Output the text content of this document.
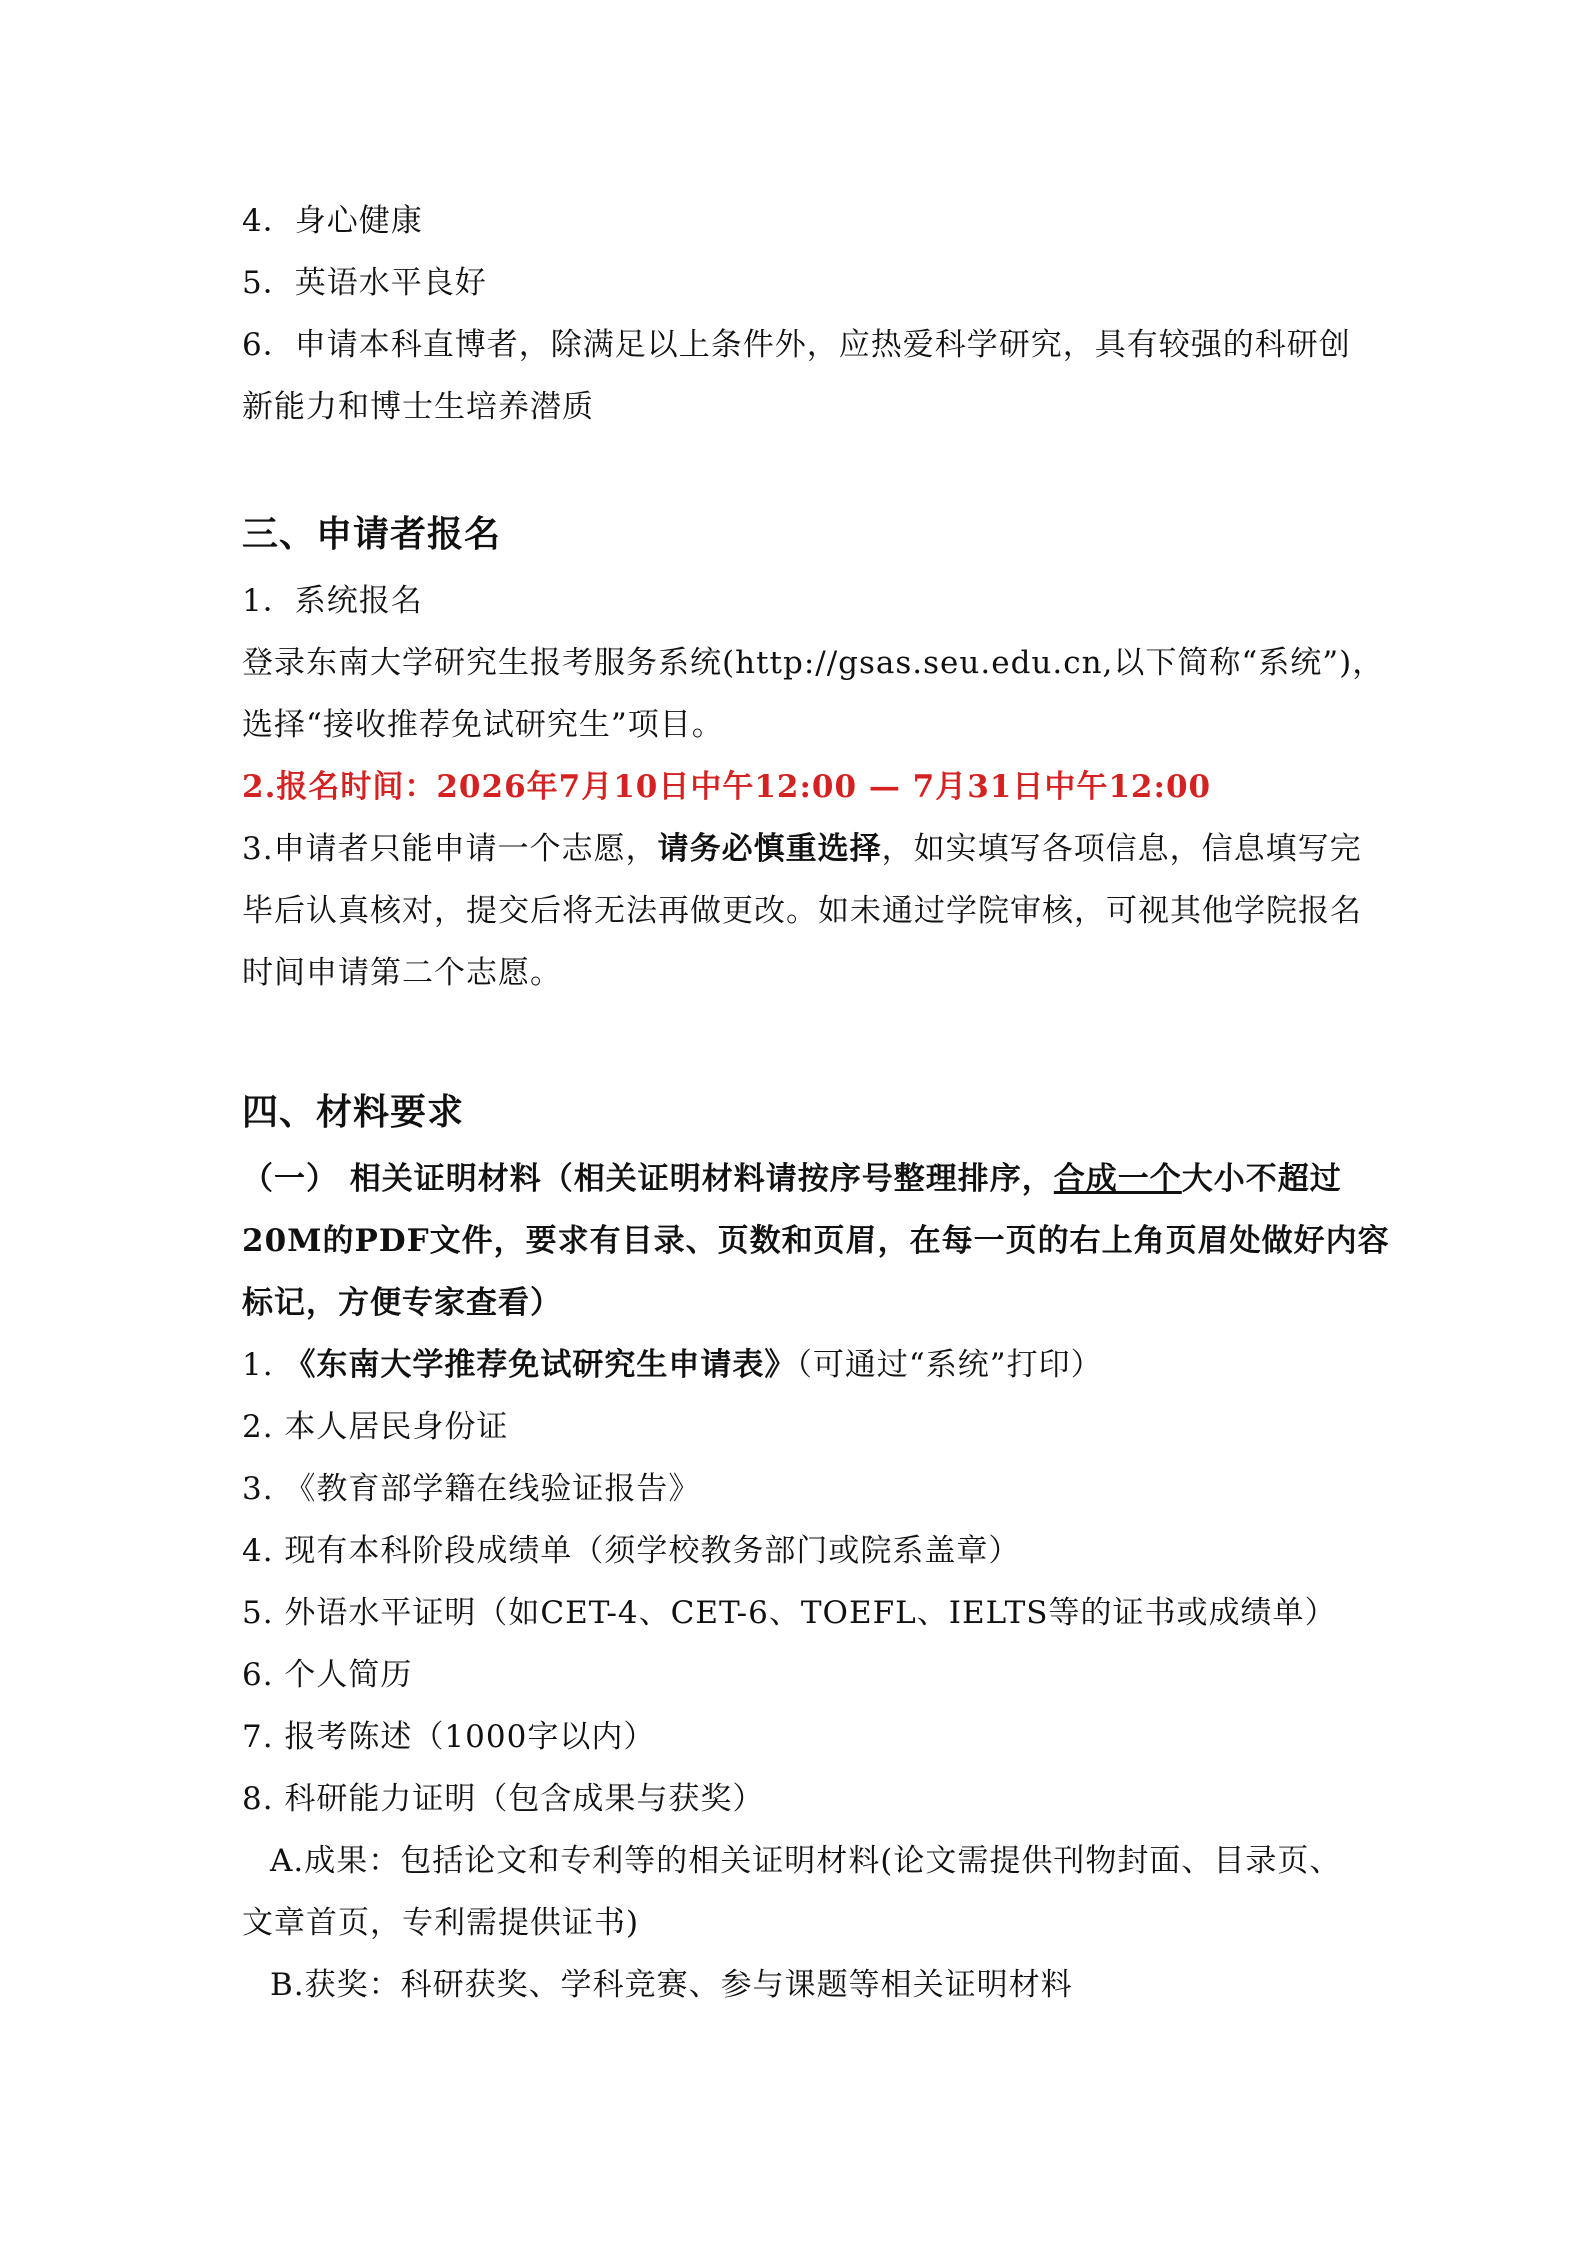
4．身心健康
5．英语水平良好
6．申请本科直博者，除满足以上条件外，应热爱科学研究，具有较强的科研创
新能力和博士生培养潜质
三、申请者报名
1．系统报名
登录东南大学研究生报考服务系统(http://gsas.seu.edu.cn,以下简称“系统”)，
选择“接收推荐免试研究生”项目。
2.报名时间：2026年7月10日中午12:00 — 7月31日中午12:00
3.申请者只能申请一个志愿，请务必慎重选择，如实填写各项信息，信息填写完
毕后认真核对，提交后将无法再做更改。如未通过学院审核，可视其他学院报名
时间申请第二个志愿。
四、材料要求
（一） 相关证明材料（相关证明材料请按序号整理排序，合成一个大小不超过
20M的PDF文件，要求有目录、页数和页眉，在每一页的右上角页眉处做好内容
标记，方便专家查看）
1. 《东南大学推荐免试研究生申请表》（可通过“系统”打印）
2. 本人居民身份证
3. 《教育部学籍在线验证报告》
4. 现有本科阶段成绩单（须学校教务部门或院系盖章）
5. 外语水平证明（如CET-4、CET-6、TOEFL、IELTS等的证书或成绩单）
6. 个人简历
7. 报考陈述（1000字以内）
8. 科研能力证明（包含成果与获奖）
A.成果：包括论文和专利等的相关证明材料(论文需提供刊物封面、目录页、
文章首页，专利需提供证书)
B.获奖：科研获奖、学科竞赛、参与课题等相关证明材料
